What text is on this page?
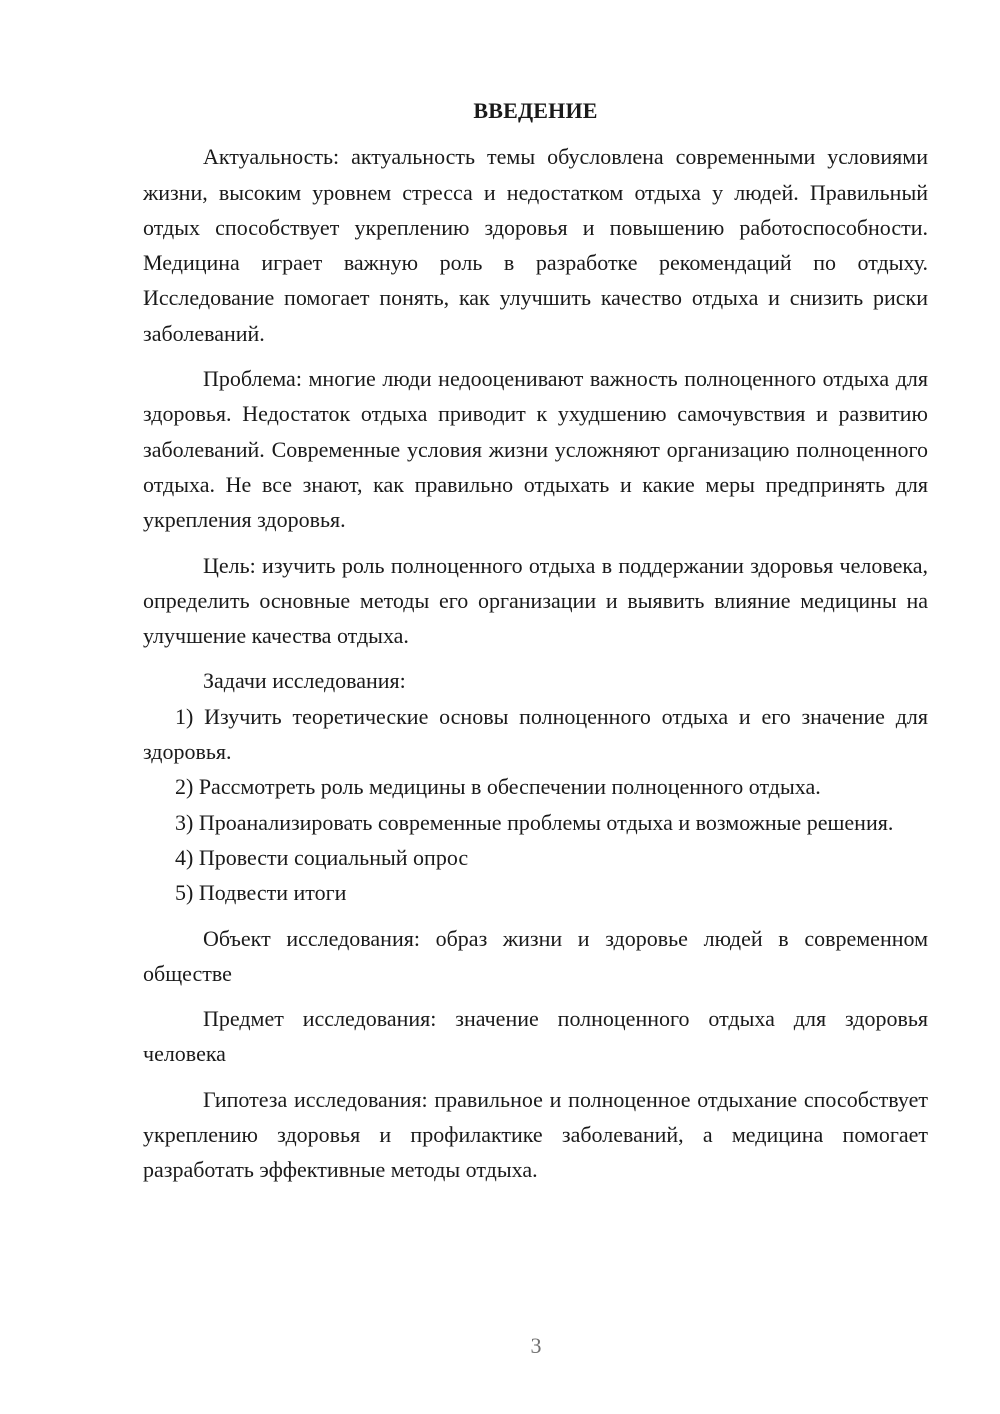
ВВЕДЕНИЕ

Актуальность: актуальность темы обусловлена современными условиями жизни, высоким уровнем стресса и недостатком отдыха у людей. Правильный отдых способствует укреплению здоровья и повышению работоспособности. Медицина играет важную роль в разработке рекомендаций по отдыху. Исследование помогает понять, как улучшить качество отдыха и снизить риски заболеваний.

Проблема: многие люди недооценивают важность полноценного отдыха для здоровья. Недостаток отдыха приводит к ухудшению самочувствия и развитию заболеваний. Современные условия жизни усложняют организацию полноценного отдыха. Не все знают, как правильно отдыхать и какие меры предпринять для укрепления здоровья.

Цель: изучить роль полноценного отдыха в поддержании здоровья человека, определить основные методы его организации и выявить влияние медицины на улучшение качества отдыха.

Задачи исследования:

1) Изучить теоретические основы полноценного отдыха и его значение для здоровья.

2) Рассмотреть роль медицины в обеспечении полноценного отдыха.

3) Проанализировать современные проблемы отдыха и возможные решения.

4) Провести социальный опрос

5) Подвести итоги

Объект исследования: образ жизни и здоровье людей в современном обществе

Предмет исследования: значение полноценного отдыха для здоровья человека

Гипотеза исследования: правильное и полноценное отдыхание способствует укреплению здоровья и профилактике заболеваний, а медицина помогает разработать эффективные методы отдыха.

3
